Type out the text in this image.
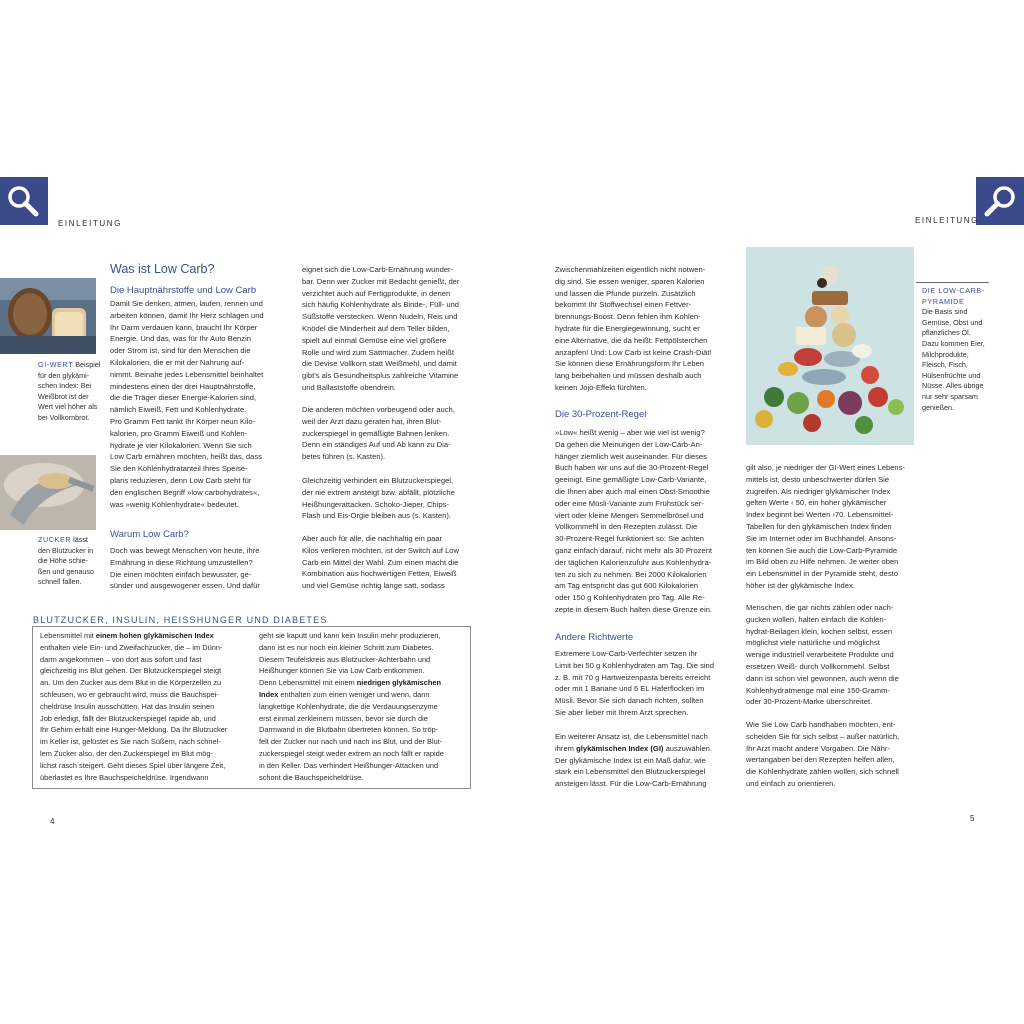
EINLEITUNG
GI-WERT Beispiel
für den glykämi-
schen Index: Bei
Weißbrot ist der
Wert viel höher als
bei Vollkornbrot.
ZUCKER lässt
den Blutzucker in
die Höhe schie-
ßen und genauso
schnell fallen.
Was ist Low Carb?
Die Hauptnährstoffe und Low Carb

Damit Sie denken, atmen, laufen, rennen und
arbeiten können, damit Ihr Herz schlagen und
Ihr Darm verdauen kann, braucht Ihr Körper
Energie. Und das, was für Ihr Auto Benzin
oder Strom ist, sind für den Menschen die
Kilokalorien, die er mit der Nahrung auf-
nimmt. Beinahe jedes Lebensmittel beinhaltet
mindestens einen der drei Hauptnährstoffe,
die die Träger dieser Energie-Kalorien sind,
nämlich Eiweiß, Fett und Kohlenhydrate.
Pro Gramm Fett tankt Ihr Körper neun Kilo-
kalorien, pro Gramm Eiweiß und Kohlen-
hydrate je vier Kilokalorien. Wenn Sie sich
Low Carb ernähren möchten, heißt das, dass
Sie den Kohlenhydratanteil Ihres Speise-
plans reduzieren, denn Low Carb steht für
den englischen Begriff »low carbohydrates«,
was »wenig Kohlenhydrate« bedeutet.

Warum Low Carb?

Doch was bewegt Menschen von heute, ihre
Ernährung in diese Richtung umzustellen?
Die einen möchten einfach bewusster, ge-
sünder und ausgewogener essen. Und dafür

eignet sich die Low-Carb-Ernährung wunder-
bar. Denn wer Zucker mit Bedacht genießt, der
verzichtet auch auf Fertigprodukte, in denen
sich häufig Kohlenhydrate als Binde-, Füll- und
Süßstoffe verstecken. Wenn Nudeln, Reis und
Knödel die Minderheit auf dem Teller bilden,
spielt auf einmal Gemüse eine viel größere
Rolle und wird zum Sattmacher. Zudem heißt
die Devise Vollkorn statt Weißmehl, und damit
gibt's als Gesundheitsplus zahlreiche Vitamine
und Ballaststoffe obendrein.

Die anderen möchten vorbeugend oder auch,
weil der Arzt dazu geraten hat, ihren Blut-
zuckerspiegel in gemäßigte Bahnen lenken.
Denn ein ständiges Auf und Ab kann zu Dia-
betes führen (s. Kasten).

Gleichzeitig verhindert ein Blutzuckerspiegel,
der nie extrem ansteigt bzw. abfällt, plötzliche
Heißhungerattacken. Schoko-Jieper, Chips-
Flash und Eis-Orgie bleiben aus (s. Kasten).

Aber auch für alle, die nachhaltig ein paar
Kilos verlieren möchten, ist der Switch auf Low
Carb ein Mittel der Wahl. Zum einen macht die
Kombination aus hochwertigen Fetten, Eiweiß
und viel Gemüse richtig lange satt, sodass

BLUTZUCKER, INSULIN, HEISSHUNGER UND DIABETES

Lebensmittel mit einem hohen glykämischen Index
enthalten viele Ein- und Zweifachzucker, die – im Dünn-
darm angekommen – von dort aus sofort und fast
gleichzeitig ins Blut gehen. Der Blutzuckerspiegel steigt
an. Um den Zucker aus dem Blut in die Körperzellen zu
schleusen, wo er gebraucht wird, muss die Bauchspei-
cheldrüse Insulin ausschütten. Hat das Insulin seinen
Job erledigt, fällt der Blutzuckerspiegel rapide ab, und
Ihr Gehirn erhält eine Hunger-Meldung. Da Ihr Blutzucker
im Keller ist, gelüstet es Sie nach Süßem, nach schnel-
lem Zucker also, der den Zuckerspiegel im Blut mög-
lichst rasch steigert. Geht dieses Spiel über längere Zeit,
überlastet es Ihre Bauchspeicheldrüse. Irgendwann

geht sie kaputt und kann kein Insulin mehr produzieren,
dann ist es nur noch ein kleiner Schritt zum Diabetes.
Diesem Teufelskreis aus Blutzucker-Achterbahn und
Heißhunger können Sie via Low Carb entkommen.
Denn Lebensmittel mit einem niedrigen glykämischen
Index enthalten zum einen weniger und wenn, dann
langkettige Kohlenhydrate, die die Verdauungsenzyme
erst einmal zerkleinern müssen, bevor sie durch die
Darmwand in die Blutbahn übertreten können. So tröp-
felt der Zucker nur nach und nach ins Blut, und der Blut-
zuckerspiegel steigt weder extrem an noch fällt er rapide
in den Keller. Das verhindert Heißhunger-Attacken und
schont die Bauchspeicheldrüse.

4
EINLEITUNG

Zwischenmahlzeiten eigentlich nicht notwen-
dig sind. Sie essen weniger, sparen Kalorien
und lassen die Pfunde purzeln. Zusätzlich
bekommt Ihr Stoffwechsel einen Fettver-
brennungs-Boost. Denn fehlen ihm Kohlen-
hydrate für die Energiegewinnung, sucht er
eine Alternative, die da heißt: Fettpölsterchen
anzapfen! Und: Low Carb ist keine Crash-Diät!
Sie können diese Ernährungsform Ihr Leben
lang beibehalten und müssen deshalb auch
keinen Jojo-Effekt fürchten.

Die 30-Prozent-Regel

»Low« heißt wenig – aber wie viel ist wenig?
Da gehen die Meinungen der Low-Carb-An-
hänger ziemlich weit auseinander. Für dieses
Buch haben wir uns auf die 30-Prozent-Regel
geeinigt. Eine gemäßigte Low-Carb-Variante,
die Ihnen aber auch mal einen Obst-Smoothie
oder eine Müsli-Variante zum Frühstück ser-
viert oder kleine Mengen Semmelbrösel und
Vollkornmehl in den Rezepten zulässt. Die
30-Prozent-Regel funktioniert so: Sie achten
ganz einfach darauf, nicht mehr als 30 Prozent
der täglichen Kalorienzufuhr aus Kohlenhydra-
ten zu sich zu nehmen. Bei 2000 Kilokalorien
am Tag entspricht das gut 600 Kilokalorien
oder 150 g Kohlenhydraten pro Tag. Alle Re-
zepte in diesem Buch halten diese Grenze ein.

Andere Richtwerte

Extremere Low-Carb-Verfechter setzen ihr
Limit bei 50 g Kohlenhydraten am Tag. Die sind
z. B. mit 70 g Hartweizenpasta bereits erreicht
oder mit 1 Banane und 6 EL Haferflocken im
Müsli. Bevor Sie sich danach richten, sollten
Sie aber lieber mit Ihrem Arzt sprechen.

Ein weiterer Ansatz ist, die Lebensmittel nach
ihrem glykämischen Index (GI) auszuwählen.
Der glykämische Index ist ein Maß dafür, wie
stark ein Lebensmittel den Blutzuckerspiegel
ansteigen lässt. Für die Low-Carb-Ernährung

DIE LOW-CARB-
PYRAMIDE
Die Basis sind
Gemüse, Obst und
pflanzliches Öl.
Dazu kommen Eier,
Milchprodukte,
Fleisch, Fisch,
Hülsenfrüchte und
Nüsse. Alles übrige
nur sehr sparsam
genießen.

gilt also, je niedriger der GI-Wert eines Lebens-
mittels ist, desto unbeschwerter dürfen Sie
zugreifen. Als niedriger glykämischer Index
gelten Werte ‹ 50, ein hoher glykämischer
Index beginnt bei Werten ›70. Lebensmittel-
Tabellen für den glykämischen Index finden
Sie im Internet oder im Buchhandel. Ansons-
ten können Sie auch die Low-Carb-Pyramide
im Bild oben zu Hilfe nehmen. Je weiter oben
ein Lebensmittel in der Pyramide steht, desto
höher ist der glykämische Index.

Menschen, die gar nichts zählen oder nach-
gucken wollen, halten einfach die Kohlen-
hydrat-Beilagen klein, kochen selbst, essen
möglichst viele natürliche und möglichst
wenige industriell verarbeitete Produkte und
ersetzen Weiß- durch Vollkornmehl. Selbst
dann ist schon viel gewonnen, auch wenn die
Kohlenhydratmenge mal eine 150-Gramm-
oder 30-Prozent-Marke überschreitet.

Wie Sie Low Carb handhaben möchten, ent-
scheiden Sie für sich selbst – außer natürlich,
Ihr Arzt macht andere Vorgaben. Die Nähr-
wertangaben bei den Rezepten helfen allen,
die Kohlenhydrate zählen wollen, sich schnell
und einfach zu orientieren.

5
